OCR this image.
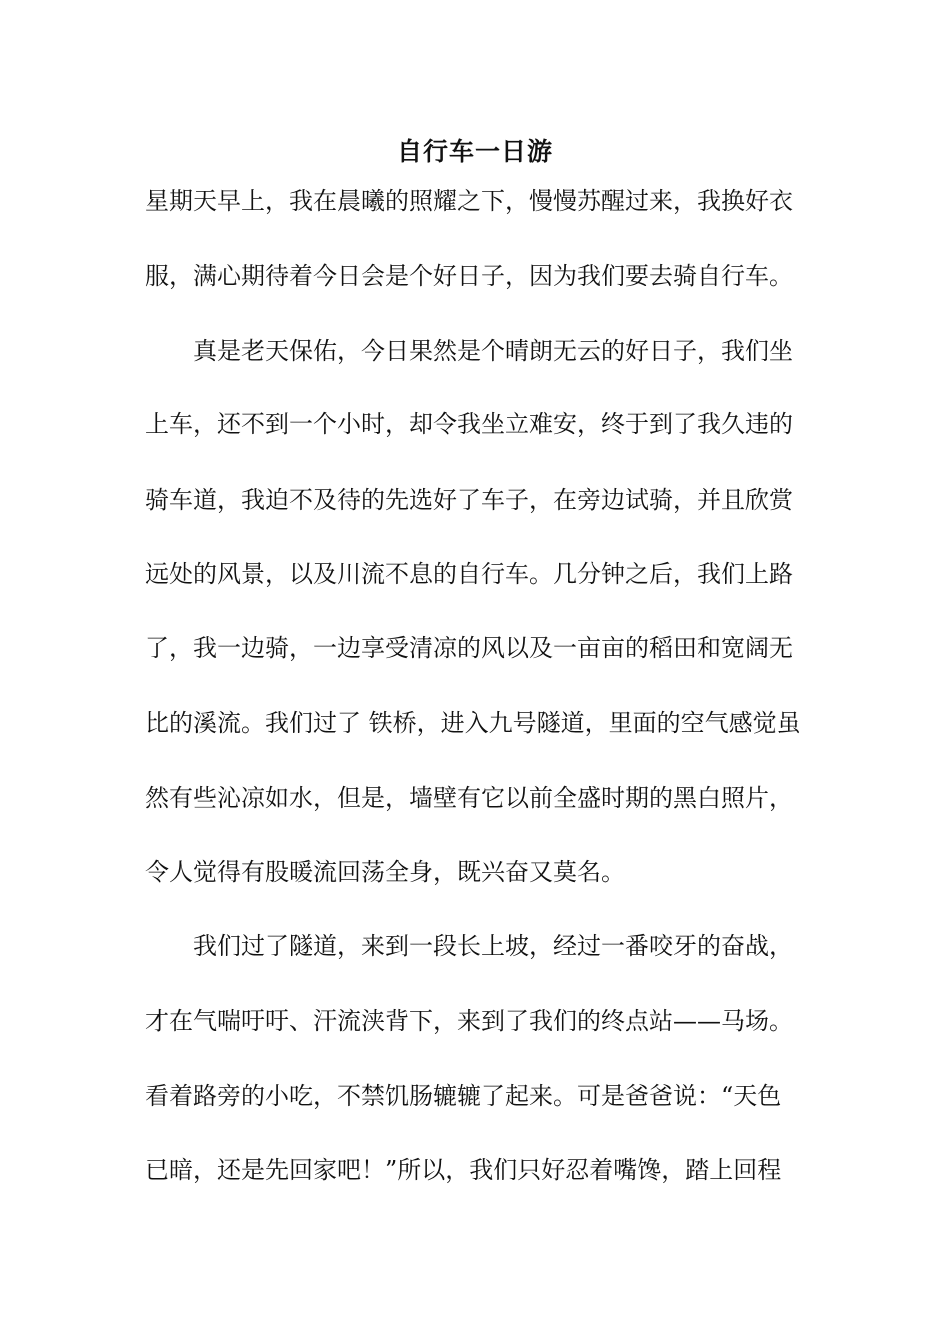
自行车一日游
星期天早上，我在晨曦的照耀之下，慢慢苏醒过来，我换好衣
服，满心期待着今日会是个好日子，因为我们要去骑自行车。
　　真是老天保佑，今日果然是个晴朗无云的好日子，我们坐
上车，还不到一个小时，却令我坐立难安，终于到了我久违的
骑车道，我迫不及待的先选好了车子，在旁边试骑，并且欣赏
远处的风景，以及川流不息的自行车。几分钟之后，我们上路
了，我一边骑，一边享受清凉的风以及一亩亩的稻田和宽阔无
比的溪流。我们过了 铁桥，进入九号隧道，里面的空气感觉虽
然有些沁凉如水，但是，墙壁有它以前全盛时期的黑白照片，
令人觉得有股暖流回荡全身，既兴奋又莫名。
　　我们过了隧道，来到一段长上坡，经过一番咬牙的奋战，
才在气喘吁吁、汗流浃背下，来到了我们的终点站——马场。
看着路旁的小吃，不禁饥肠辘辘了起来。可是爸爸说：“天色
已暗，还是先回家吧！”所以，我们只好忍着嘴馋，踏上回程
